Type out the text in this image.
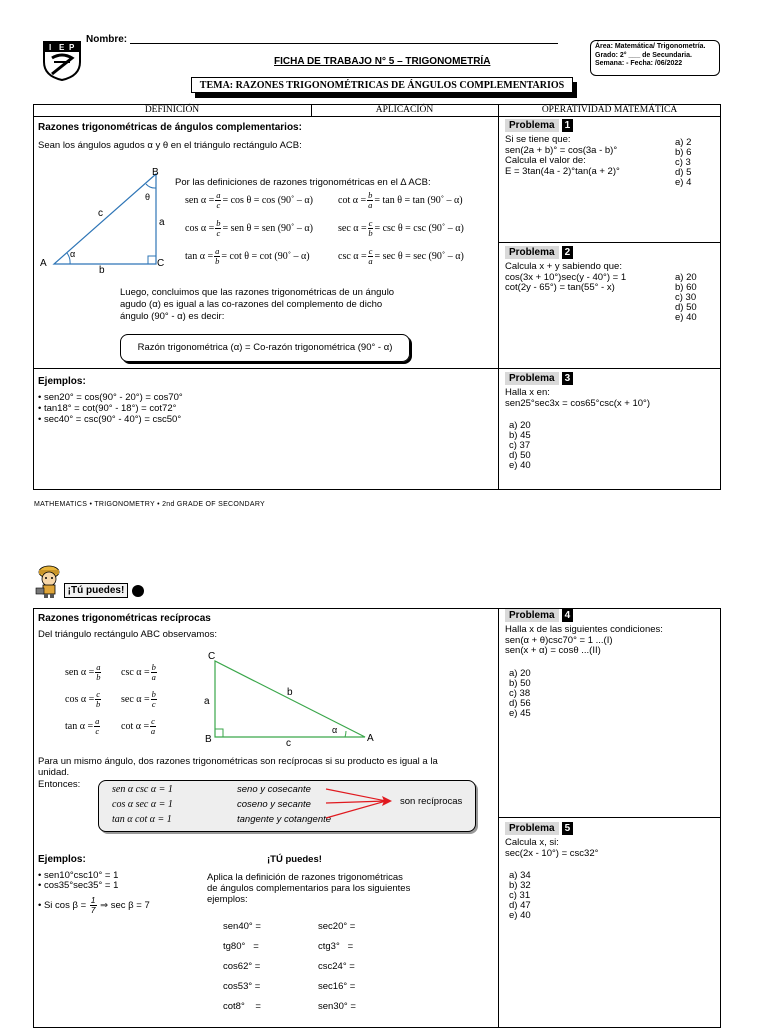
I E P
Nombre:
FICHA DE TRABAJO N° 5 – TRIGONOMETRÍA
Área: Matemática/ Trigonometría.
Grado: 2° ___ de Secundaria.
Semana: - Fecha: /06/2022
TEMA: RAZONES TRIGONOMÉTRICAS DE ÁNGULOS COMPLEMENTARIOS
DEFINICIÓN	APLICACIÓN	OPERATIVIDAD MATEMÁTICA
Razones trigonométricas de ángulos complementarios:
Sean los ángulos agudos α y θ en el triángulo rectángulo ACB:
B
A	C
c
a
b
α
θ
Por las definiciones de razones trigonométricas en el ∆ ACB:
sen $\alpha = \frac{a}{c} = \cos \theta = \cos$ (90˚ – α)	$\cot \alpha = \frac{b}{a} = \tan \theta = \tan$ (90˚ – α)
$\cos \alpha = \frac{b}{c}$ = sen θ = sen (90˚ – α)	$\sec \alpha = \frac{c}{b} = \csc \theta = \csc$ (90˚ – α)
$\tan \alpha = \frac{a}{b} = \cot \theta = \cot$ (90˚ – α)	$\csc \alpha = \frac{c}{a} = \sec \theta = \sec$ (90˚ – α)
Luego, concluimos que las razones trigonométricas de un ángulo
agudo (α) es igual a las co-razones del complemento de dicho
ángulo (90° - α) es decir:
Razón trigonométrica (α) = Co-razón trigonométrica (90° - α)
Ejemplos:
• sen20° = cos(90° - 20°) = cos70°
• tan18° = cot(90° - 18°) = cot72°
• sec40° = csc(90° - 40°) = csc50°
Problema 1
Si se tiene que:
sen(2a + b)° = cos(3a - b)°
Calcula el valor de:
E = 3tan(4a - 2)°tan(a + 2)°
a) 2
b) 6
c) 3
d) 5
e) 4
Problema 2
Calcula x + y sabiendo que:
cos(3x + 10°)sec(y - 40°) = 1
cot(2y - 65°) = tan(55° - x)
a) 20
b) 60
c) 30
d) 50
e) 40
Problema 3
Halla x en:
sen25°sec3x = cos65°csc(x + 10°)
a) 20
b) 45
c) 37
d) 50
e) 40
MATHEMATICS • TRIGONOMETRY • 2nd GRADE OF SECONDARY
¡Tú puedes!
Razones trigonométricas recíprocas
Del triángulo rectángulo ABC observamos:
sen $\alpha = \frac{a}{b}$ $\csc \alpha = \frac{b}{a}$
$\cos \alpha = \frac{c}{b}$ $\sec \alpha = \frac{b}{c}$
$\tan \alpha = \frac{a}{c}$ $\cot \alpha = \frac{c}{a}$
C
B	A
a
b
c
α
Para un mismo ángulo, dos razones trigonométricas son recíprocas si su producto es igual a la
unidad.
Entonces:	sen α csc α = 1
cos α sec α = 1
tan α cot α = 1
seno y cosecante
coseno y secante
tangente y cotangente
son recíprocas
Ejemplos:
• sen10°csc10° = 1
• cos35°sec35° = 1
• Si $\cos \beta = \frac{1}{7}$ ⇒ sec β = 7
¡TÚ puedes!
Aplica la definición de razones trigonométricas
de ángulos complementarios para los siguientes
ejemplos:
sen40° =	sec20° =
tg80°   =	ctg3°   =
cos62° =	csc24° =
cos53° =	sec16° =
cot8°    =	sen30° =
Problema 4
Halla x de las siguientes condiciones:
sen(α + θ)csc70° = 1 ...(I)
sen(x + α) = cosθ ...(II)
a) 20
b) 50
c) 38
d) 56
e) 45
Problema 5
Calcula x, si:
sec(2x - 10°) = csc32°
a) 34
b) 32
c) 31
d) 47
e) 40
